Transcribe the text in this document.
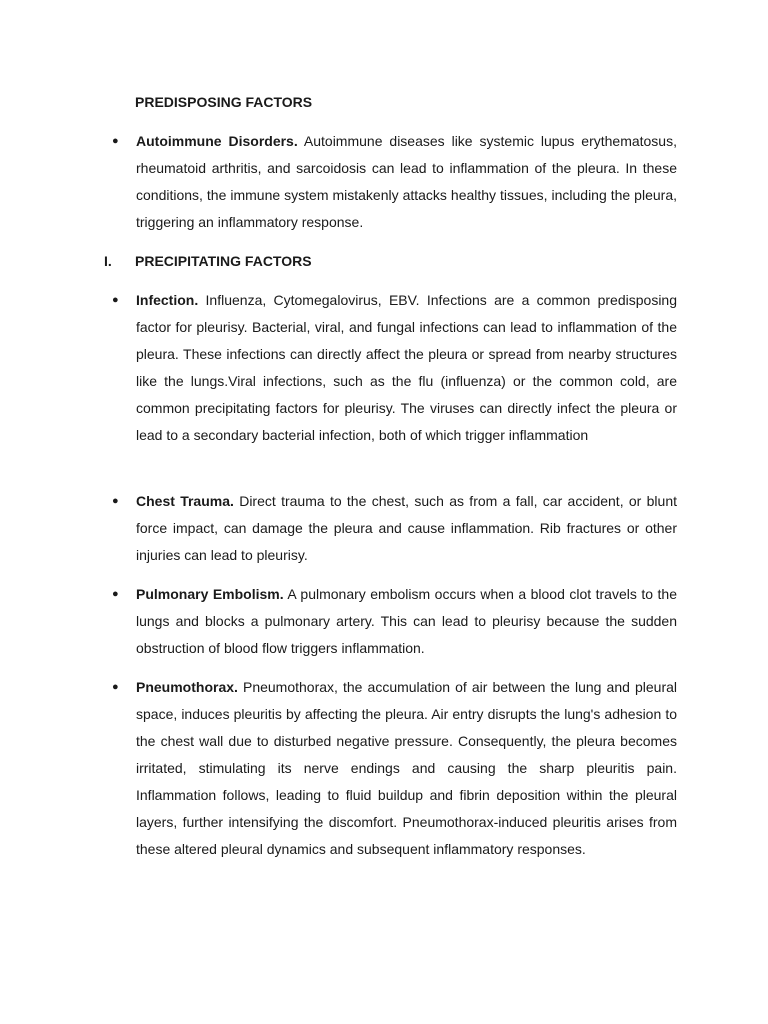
PREDISPOSING FACTORS
● Autoimmune Disorders. Autoimmune diseases like systemic lupus erythematosus, rheumatoid arthritis, and sarcoidosis can lead to inflammation of the pleura. In these conditions, the immune system mistakenly attacks healthy tissues, including the pleura, triggering an inflammatory response.

I. PRECIPITATING FACTORS
● Infection. Influenza, Cytomegalovirus, EBV. Infections are a common predisposing factor for pleurisy. Bacterial, viral, and fungal infections can lead to inflammation of the pleura. These infections can directly affect the pleura or spread from nearby structures like the lungs.Viral infections, such as the flu (influenza) or the common cold, are common precipitating factors for pleurisy. The viruses can directly infect the pleura or lead to a secondary bacterial infection, both of which trigger inflammation

● Chest Trauma. Direct trauma to the chest, such as from a fall, car accident, or blunt force impact, can damage the pleura and cause inflammation. Rib fractures or other injuries can lead to pleurisy.

● Pulmonary Embolism. A pulmonary embolism occurs when a blood clot travels to the lungs and blocks a pulmonary artery. This can lead to pleurisy because the sudden obstruction of blood flow triggers inflammation.

● Pneumothorax. Pneumothorax, the accumulation of air between the lung and pleural space, induces pleuritis by affecting the pleura. Air entry disrupts the lung's adhesion to the chest wall due to disturbed negative pressure. Consequently, the pleura becomes irritated, stimulating its nerve endings and causing the sharp pleuritis pain. Inflammation follows, leading to fluid buildup and fibrin deposition within the pleural layers, further intensifying the discomfort. Pneumothorax-induced pleuritis arises from these altered pleural dynamics and subsequent inflammatory responses.
